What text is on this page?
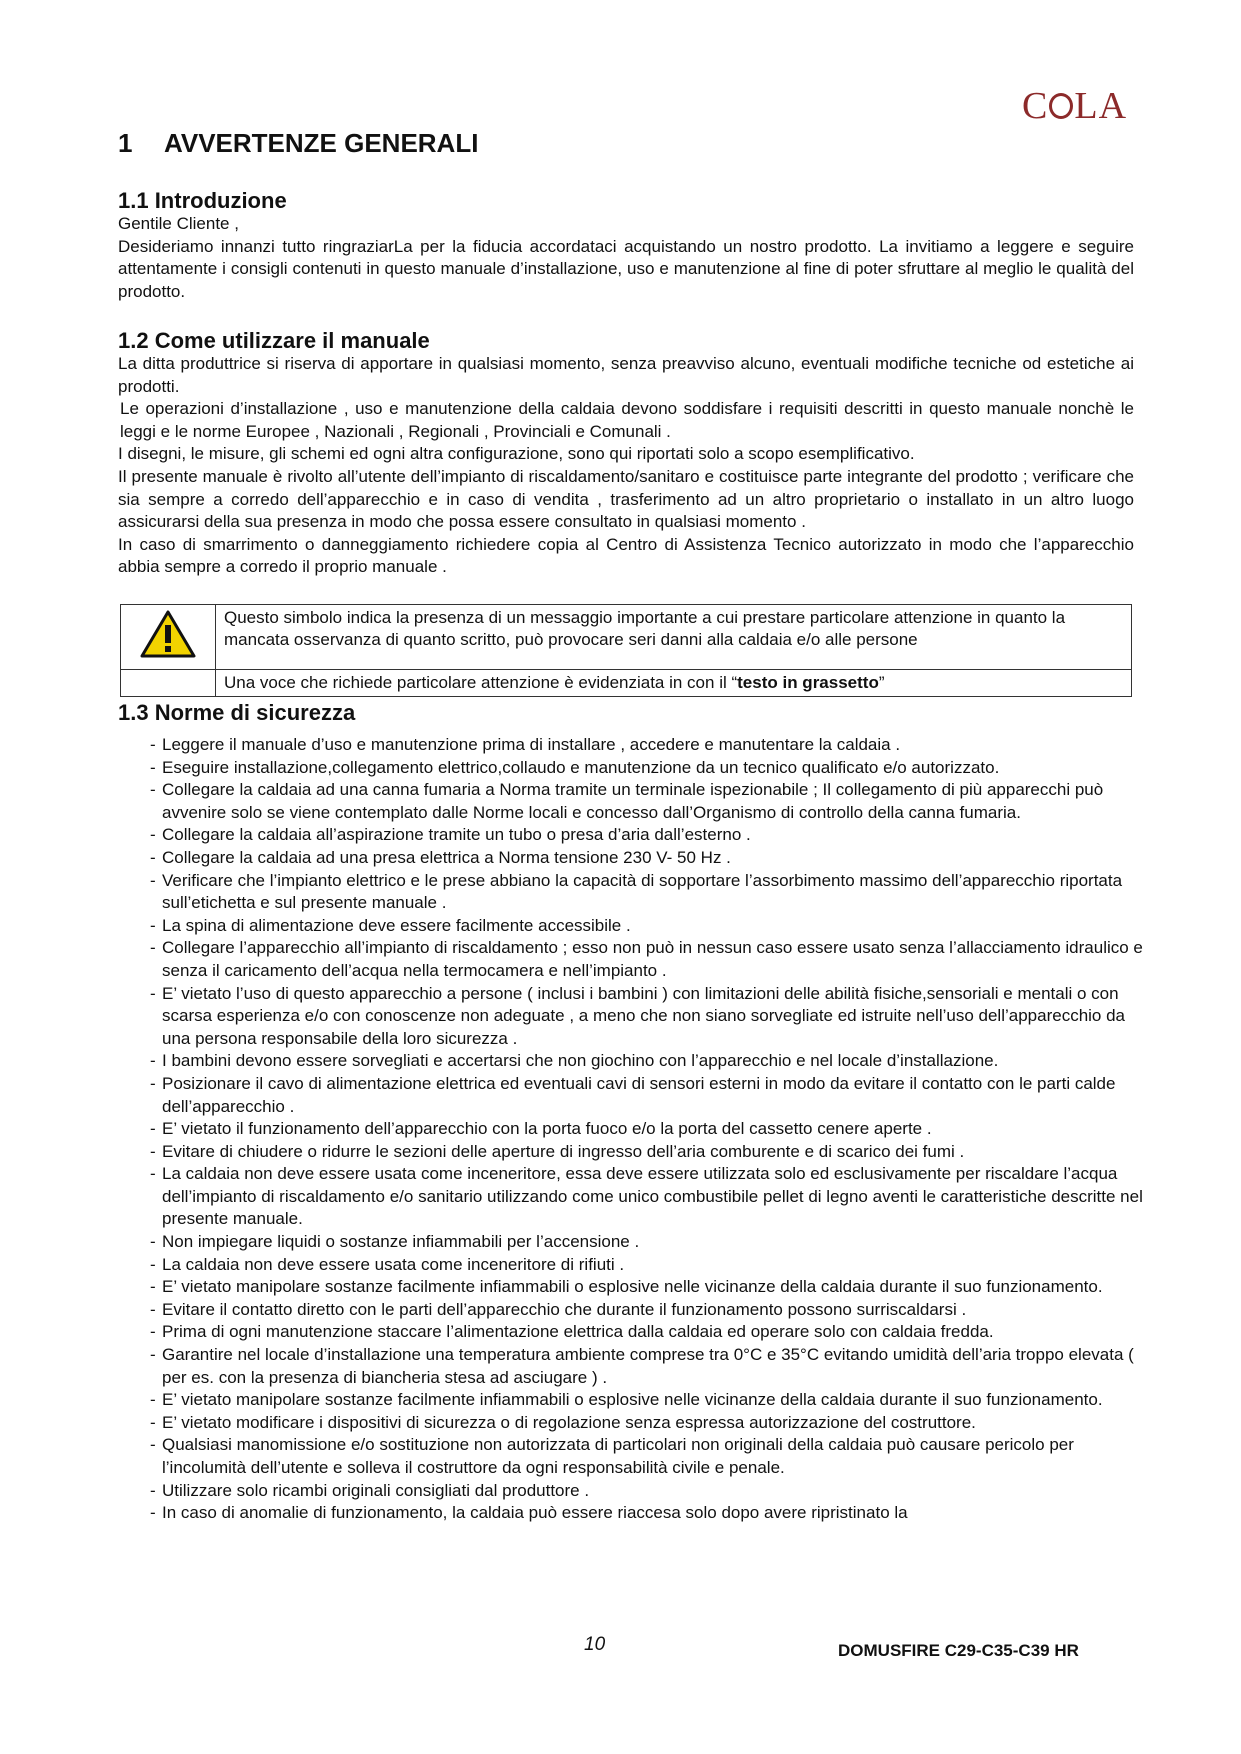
C LA
1 AVVERTENZE GENERALI
1.1 Introduzione

Gentile Cliente ,

Desideriamo innanzi tutto ringraziarLa per la fiducia accordataci acquistando un nostro prodotto. La invitiamo a leggere e seguire attentamente i consigli contenuti in questo manuale d’installazione, uso e manutenzione al fine di poter sfruttare al meglio le qualità del prodotto.

1.2 Come utilizzare il manuale

La ditta produttrice si riserva di apportare in qualsiasi momento, senza preavviso alcuno, eventuali modifiche tecniche od estetiche ai prodotti.

Le operazioni d’installazione , uso e manutenzione della caldaia devono soddisfare i requisiti descritti in questo manuale nonchè le leggi e le norme Europee , Nazionali , Regionali , Provinciali e Comunali .

I disegni, le misure, gli schemi ed ogni altra configurazione, sono qui riportati solo a scopo esemplificativo.

Il presente manuale è rivolto all’utente dell’impianto di riscaldamento/sanitaro e costituisce parte integrante del prodotto ; verificare che sia sempre a corredo dell’apparecchio e in caso di vendita , trasferimento ad un altro proprietario o installato in un altro luogo assicurarsi della sua presenza in modo che possa essere consultato in qualsiasi momento .

In caso di smarrimento o danneggiamento richiedere copia al Centro di Assistenza Tecnico autorizzato in modo che l’apparecchio abbia sempre a corredo il proprio manuale .

	Questo simbolo indica la presenza di un messaggio importante a cui prestare particolare attenzione in quanto la mancata osservanza di quanto scritto, può provocare seri danni alla caldaia e/o alle persone
	Una voce che richiede particolare attenzione è evidenziata in con il “testo in grassetto”
1.3 Norme di sicurezza
- Leggere il manuale d’uso e manutenzione prima di installare , accedere e manutentare la caldaia .
- Eseguire installazione,collegamento elettrico,collaudo e manutenzione da un tecnico qualificato e/o autorizzato.
- Collegare la caldaia ad una canna fumaria a Norma tramite un terminale ispezionabile ; Il collegamento di più apparecchi può avvenire solo se viene contemplato dalle Norme locali e concesso dall’Organismo di controllo della canna fumaria.
- Collegare la caldaia all’aspirazione tramite un tubo o presa d’aria dall’esterno .
- Collegare la caldaia ad una presa elettrica a Norma tensione 230 V- 50 Hz .
- Verificare che l’impianto elettrico e le prese abbiano la capacità di sopportare l’assorbimento massimo dell’apparecchio riportata sull’etichetta e sul presente manuale .
- La spina di alimentazione deve essere facilmente accessibile .
- Collegare l’apparecchio all’impianto di riscaldamento ; esso non può in nessun caso essere usato senza l’allacciamento idraulico e senza il caricamento dell’acqua nella termocamera e nell’impianto .
- E’ vietato l’uso di questo apparecchio a persone ( inclusi i bambini ) con limitazioni delle abilità fisiche,sensoriali e mentali o con scarsa esperienza e/o con conoscenze non adeguate , a meno che non siano sorvegliate ed istruite nell’uso dell’apparecchio da una persona responsabile della loro sicurezza .
- I bambini devono essere sorvegliati e accertarsi che non giochino con l’apparecchio e nel locale d’installazione.
- Posizionare il cavo di alimentazione elettrica ed eventuali cavi di sensori esterni in modo da evitare il contatto con le parti calde dell’apparecchio .
- E’ vietato il funzionamento dell’apparecchio con la porta fuoco e/o la porta del cassetto cenere aperte .
- Evitare di chiudere o ridurre le sezioni delle aperture di ingresso dell’aria comburente e di scarico dei fumi .
- La caldaia non deve essere usata come inceneritore, essa deve essere utilizzata solo ed esclusivamente per riscaldare l’acqua dell’impianto di riscaldamento e/o sanitario utilizzando come unico combustibile pellet di legno aventi le caratteristiche descritte nel presente manuale.
- Non impiegare liquidi o sostanze infiammabili per l’accensione .
- La caldaia non deve essere usata come inceneritore di rifiuti .
- E’ vietato manipolare sostanze facilmente infiammabili o esplosive nelle vicinanze della caldaia durante il suo funzionamento.
- Evitare il contatto diretto con le parti dell’apparecchio che durante il funzionamento possono surriscaldarsi .
- Prima di ogni manutenzione staccare l’alimentazione elettrica dalla caldaia ed operare solo con caldaia fredda.
- Garantire nel locale d’installazione una temperatura ambiente comprese tra 0°C e 35°C evitando umidità dell’aria troppo elevata ( per es. con la presenza di biancheria stesa ad asciugare ) .
- E’ vietato manipolare sostanze facilmente infiammabili o esplosive nelle vicinanze della caldaia durante il suo funzionamento.
- E’ vietato modificare i dispositivi di sicurezza o di regolazione senza espressa autorizzazione del costruttore.
- Qualsiasi manomissione e/o sostituzione non autorizzata di particolari non originali della caldaia può causare pericolo per l’incolumità dell’utente e solleva il costruttore da ogni responsabilità civile e penale.
- Utilizzare solo ricambi originali consigliati dal produttore .
- In caso di anomalie di funzionamento, la caldaia può essere riaccesa solo dopo avere ripristinato la
10	DOMUSFIRE C29-C35-C39 HR
